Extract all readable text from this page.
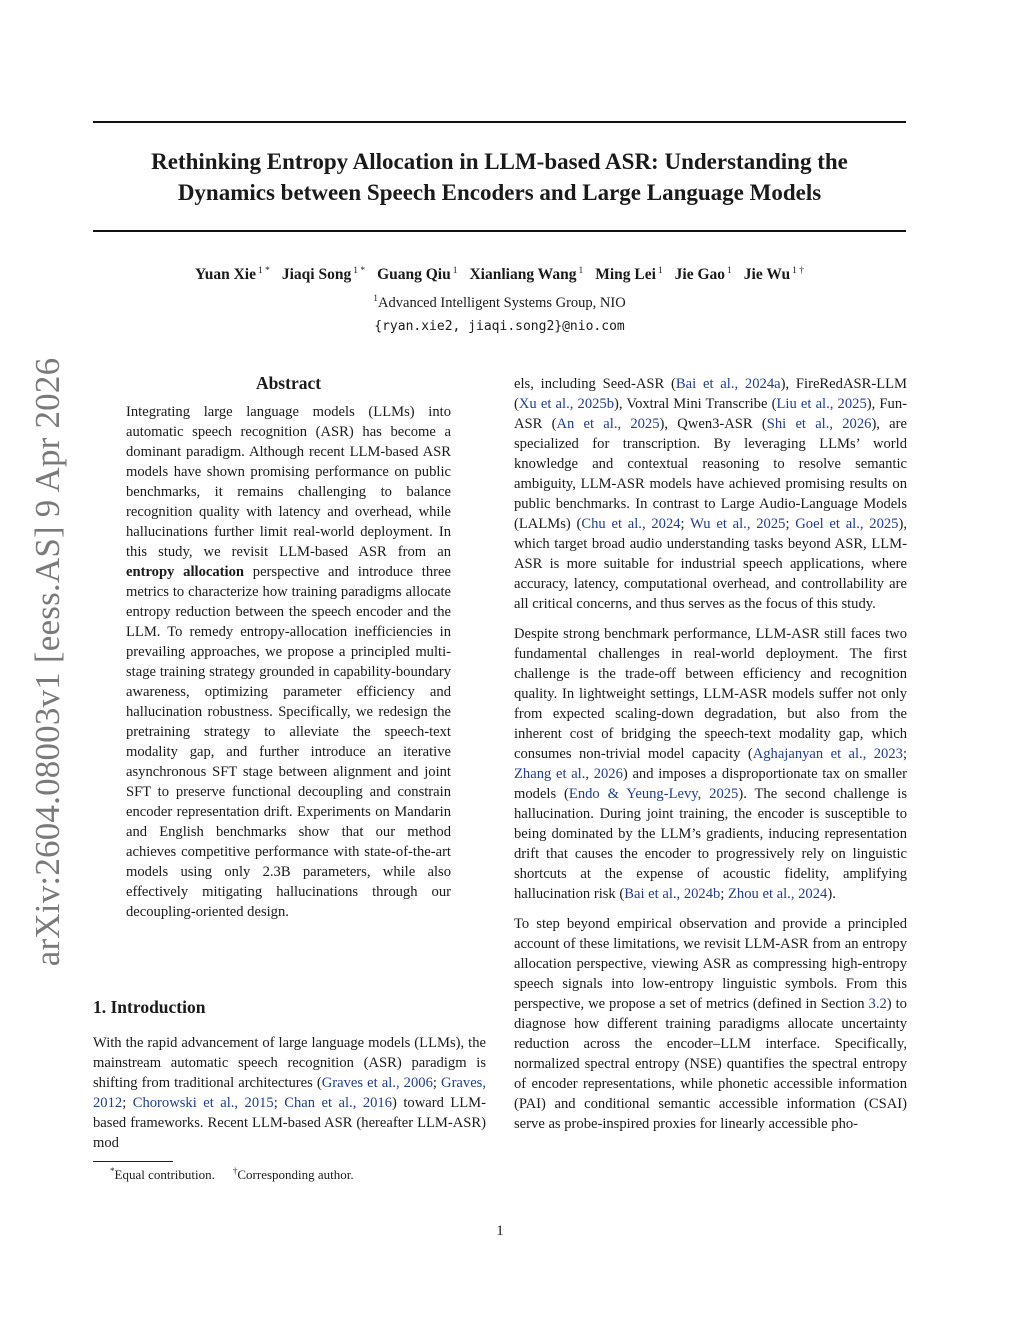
Rethinking Entropy Allocation in LLM-based ASR: Understanding the
Dynamics between Speech Encoders and Large Language Models
Yuan Xie $^{1 *}$ Jiaqi Song $^{1 *}$ Guang Qiu $^1$ Xianliang Wang $^1$ Ming Lei $^1$ Jie Gao $^1$ Jie Wu $^{1 \dagger}$
$^1$Advanced Intelligent Systems Group, NIO
{ryan.xie2, jiaqi.song2}@nio.com
arXiv:2604.08003v1 [eess.AS] 9 Apr 2026	Abstract
Integrating large language models (LLMs) into automatic speech recognition (ASR) has become a dominant paradigm. Although recent LLM-based ASR models have shown promising performance on public benchmarks, it remains challenging to balance recognition quality with latency and overhead, while hallucinations further limit real-world deployment. In this study, we revisit LLM-based ASR from an entropy allocation perspective and introduce three metrics to characterize how training paradigms allocate entropy reduction between the speech encoder and the LLM. To remedy entropy-allocation inefficiencies in prevailing approaches, we propose a principled multi-stage training strategy grounded in capability-boundary awareness, optimizing parameter efficiency and hallucination robustness. Specifically, we redesign the pretraining strategy to alleviate the speech-text modality gap, and further introduce an iterative asynchronous SFT stage between alignment and joint SFT to preserve functional decoupling and constrain encoder representation drift. Experiments on Mandarin and English benchmarks show that our method achieves competitive performance with state-of-the-art models using only 2.3B parameters, while also effectively mitigating hallucinations through our decoupling-oriented design.
1. Introduction
With the rapid advancement of large language models (LLMs), the mainstream automatic speech recognition (ASR) paradigm is shifting from traditional architectures (Graves et al., 2006; Graves, 2012; Chorowski et al., 2015; Chan et al., 2016) toward LLM-based frameworks. Recent LLM-based ASR (hereafter LLM-ASR) mod

els, including Seed-ASR (Bai et al., 2024a), FireRedASR-LLM (Xu et al., 2025b), Voxtral Mini Transcribe (Liu et al., 2025), Fun-ASR (An et al., 2025), Qwen3-ASR (Shi et al., 2026), are specialized for transcription. By leveraging LLMs’ world knowledge and contextual reasoning to resolve semantic ambiguity, LLM-ASR models have achieved promising results on public benchmarks. In contrast to Large Audio-Language Models (LALMs) (Chu et al., 2024; Wu et al., 2025; Goel et al., 2025), which target broad audio understanding tasks beyond ASR, LLM-ASR is more suitable for industrial speech applications, where accuracy, latency, computational overhead, and controllability are all critical concerns, and thus serves as the focus of this study.

Despite strong benchmark performance, LLM-ASR still faces two fundamental challenges in real-world deployment. The first challenge is the trade-off between efficiency and recognition quality. In lightweight settings, LLM-ASR models suffer not only from expected scaling-down degradation, but also from the inherent cost of bridging the speech-text modality gap, which consumes non-trivial model capacity (Aghajanyan et al., 2023; Zhang et al., 2026) and imposes a disproportionate tax on smaller models (Endo & Yeung-Levy, 2025). The second challenge is hallucination. During joint training, the encoder is susceptible to being dominated by the LLM’s gradients, inducing representation drift that causes the encoder to progressively rely on linguistic shortcuts at the expense of acoustic fidelity, amplifying hallucination risk (Bai et al., 2024b; Zhou et al., 2024).

To step beyond empirical observation and provide a principled account of these limitations, we revisit LLM-ASR from an entropy allocation perspective, viewing ASR as compressing high-entropy speech signals into low-entropy linguistic symbols. From this perspective, we propose a set of metrics (defined in Section 3.2) to diagnose how different training paradigms allocate uncertainty reduction across the encoder–LLM interface. Specifically, normalized spectral entropy (NSE) quantifies the spectral entropy of encoder representations, while phonetic accessible information (PAI) and conditional semantic accessible information (CSAI) serve as probe-inspired proxies for linearly accessible pho-

*Equal contribution. †Corresponding author.
1
